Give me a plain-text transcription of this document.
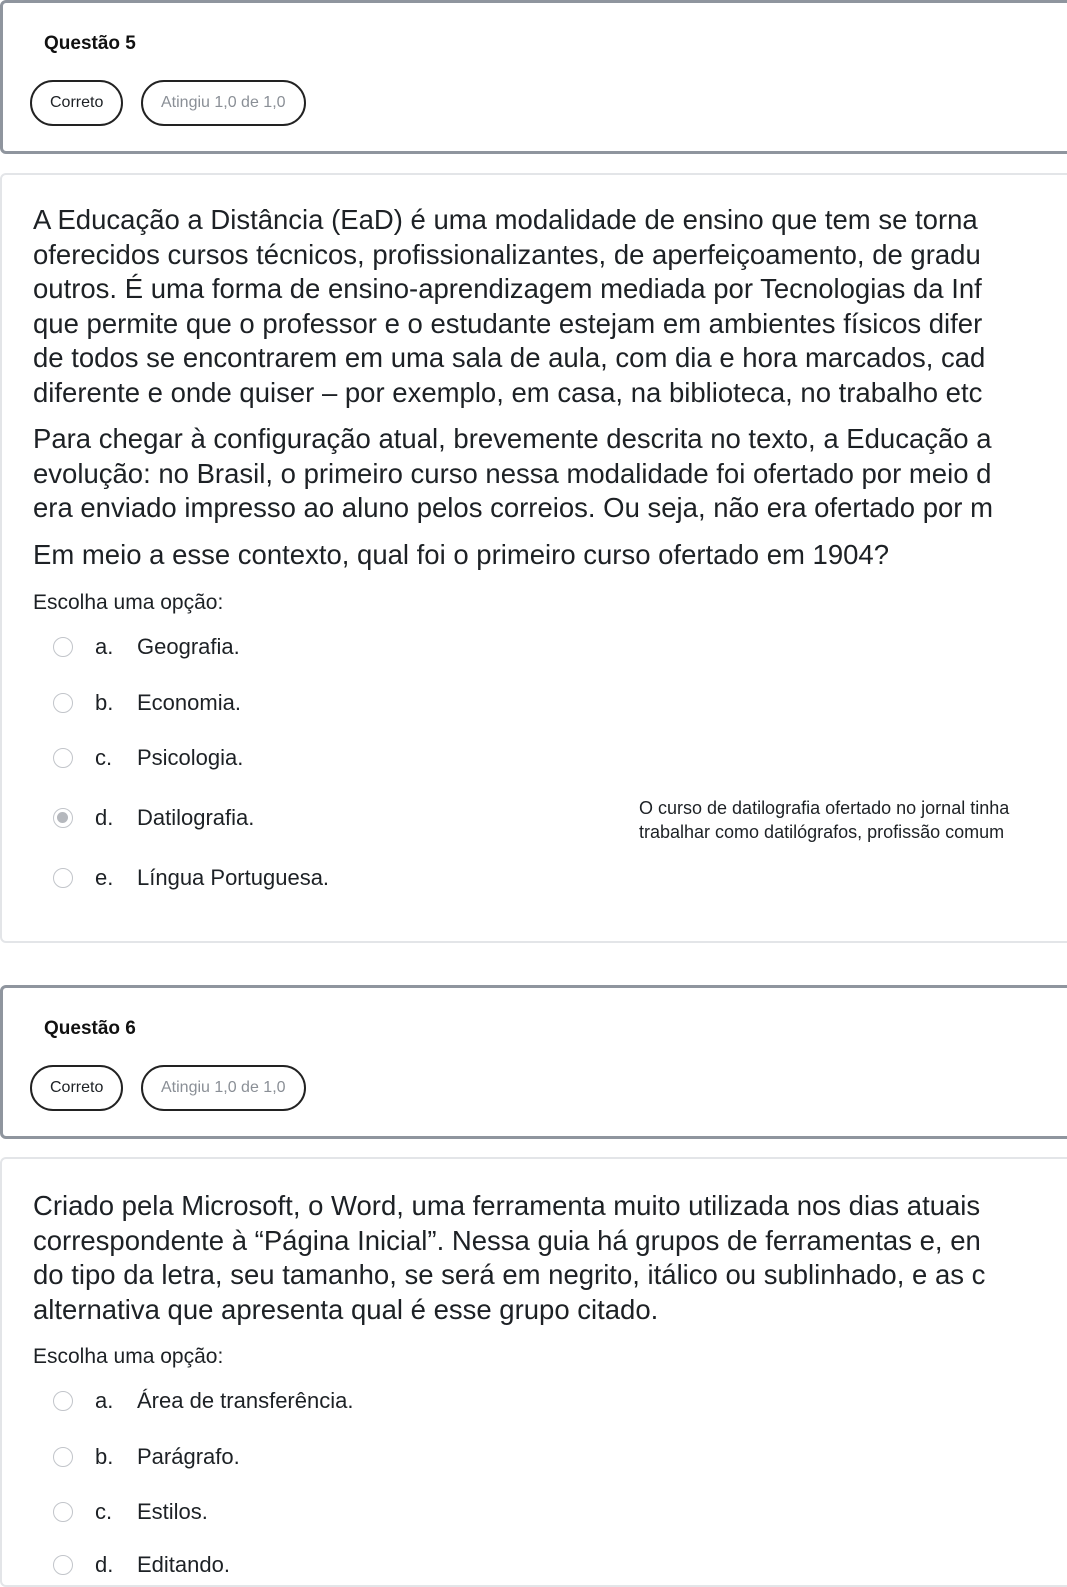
Questão 5
Correto	Atingiu 1,0 de 1,0

A Educação a Distância (EaD) é uma modalidade de ensino que tem se torna
oferecidos cursos técnicos, profissionalizantes, de aperfeiçoamento, de gradu
outros. É uma forma de ensino-aprendizagem mediada por Tecnologias da Inf
que permite que o professor e o estudante estejam em ambientes físicos difer
de todos se encontrarem em uma sala de aula, com dia e hora marcados, cad
diferente e onde quiser – por exemplo, em casa, na biblioteca, no trabalho etc

Para chegar à configuração atual, brevemente descrita no texto, a Educação a
evolução: no Brasil, o primeiro curso nessa modalidade foi ofertado por meio d
era enviado impresso ao aluno pelos correios. Ou seja, não era ofertado por m

Em meio a esse contexto, qual foi o primeiro curso ofertado em 1904?

Escolha uma opção:
a. Geografia.
b. Economia.
c. Psicologia.
d. Datilografia.	O curso de datilografia ofertado no jornal tinha
trabalhar como datilógrafos, profissão comum
e. Língua Portuguesa.
Questão 6
Correto	Atingiu 1,0 de 1,0

Criado pela Microsoft, o Word, uma ferramenta muito utilizada nos dias atuais
correspondente à “Página Inicial”. Nessa guia há grupos de ferramentas e, en
do tipo da letra, seu tamanho, se será em negrito, itálico ou sublinhado, e as c
alternativa que apresenta qual é esse grupo citado.

Escolha uma opção:
a. Área de transferência.
b. Parágrafo.
c. Estilos.
d. Editando.
